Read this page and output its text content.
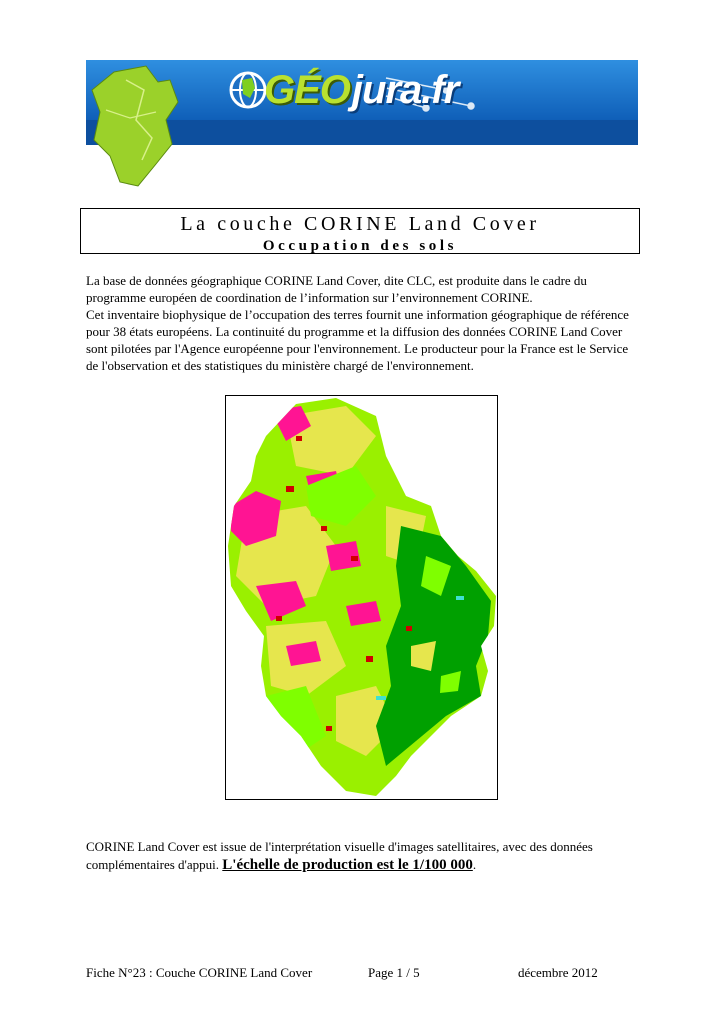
GÉOjura.fr
La couche CORINE Land Cover
Occupation des sols

La base de données géographique CORINE Land Cover, dite CLC, est produite dans le cadre du programme européen de coordination de l’information sur l’environnement CORINE.

Cet inventaire biophysique de l’occupation des terres fournit une information géographique de référence pour 38 états européens. La continuité du programme et la diffusion des données CORINE Land Cover sont pilotées par l'Agence européenne pour l'environnement. Le producteur pour la France est le Service de l'observation et des statistiques du ministère chargé de l'environnement.

CORINE Land Cover est issue de l'interprétation visuelle d'images satellitaires, avec des données complémentaires d'appui. L'échelle de production est le 1/100 000.
Fiche N°23 : Couche CORINE Land Cover	Page 1 / 5	décembre 2012
